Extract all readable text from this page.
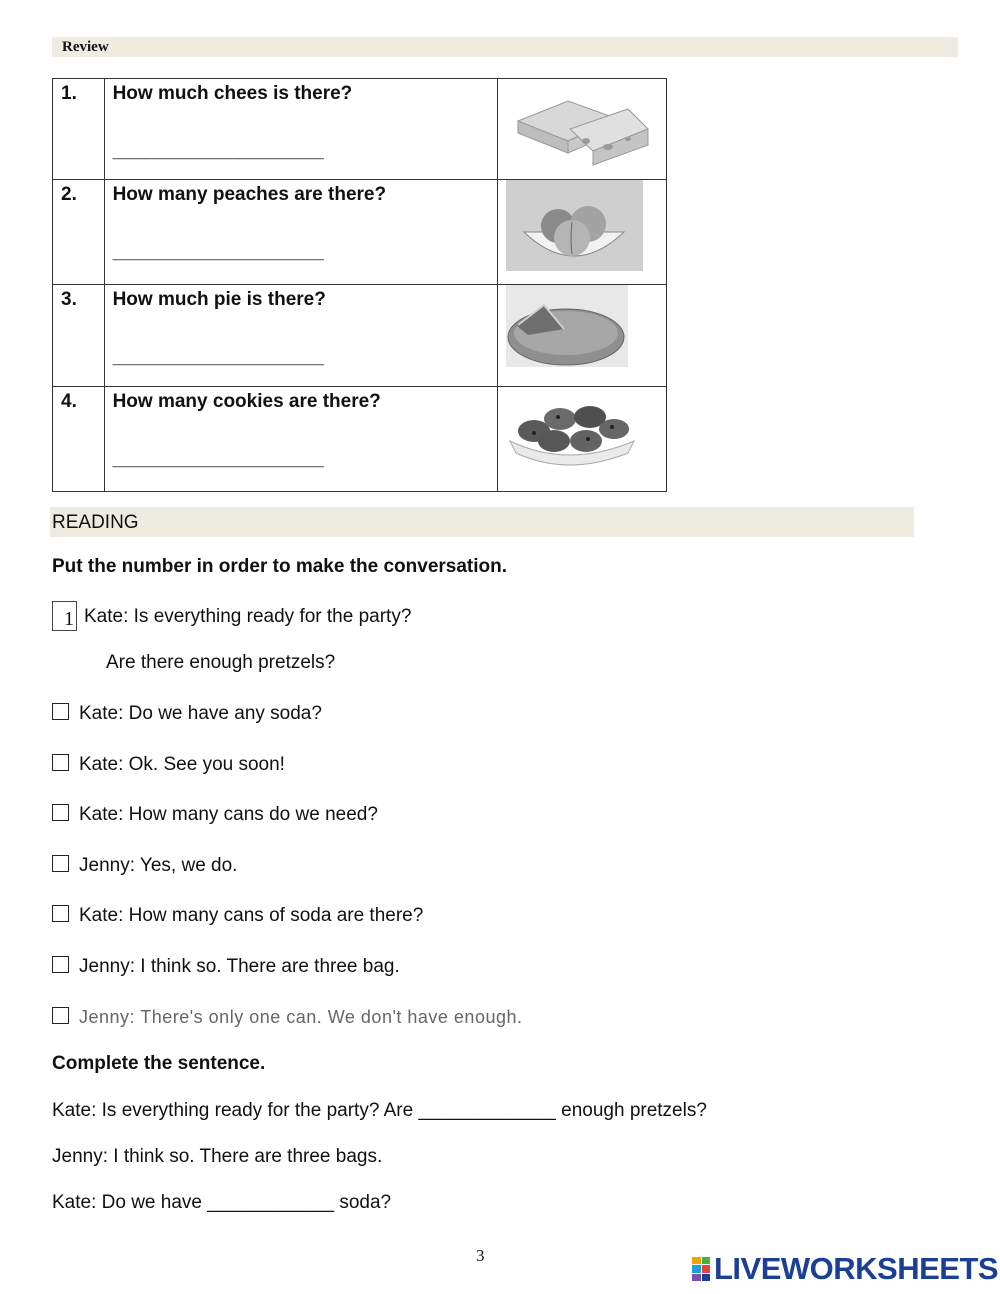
Review
1.	How much chees is there?
____________________

2.	How many peaches are there?
____________________

3.	How much pie is there?
____________________

4.	How many cookies are there?
____________________

READING
Put the number in order to make the conversation.
1 Kate: Is everything ready for the party?
Are there enough pretzels?
Kate: Do we have any soda?
Kate: Ok. See you soon!
Kate: How many cans do we need?
Jenny: Yes, we do.
Kate: How many cans of soda are there?
Jenny: I think so. There are three bag.
Jenny: There's only one can. We don't have enough.
Complete the sentence.
Kate: Is everything ready for the party? Are _____________ enough pretzels?
Jenny: I think so. There are three bags.
Kate: Do we have ____________ soda?
3	LIVEWORKSHEETS
